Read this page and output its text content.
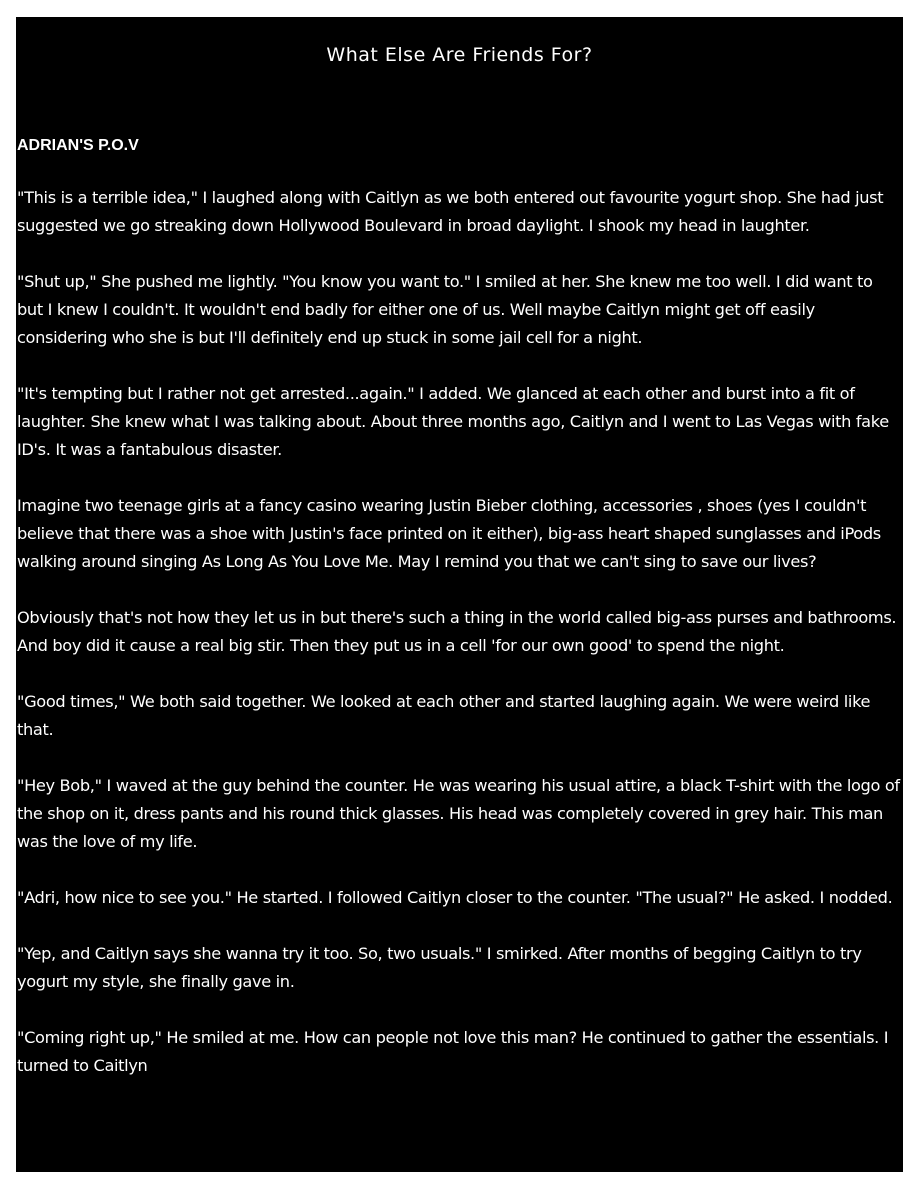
What Else Are Friends For?
ADRIAN'S P.O.V

"This is a terrible idea," I laughed along with Caitlyn as we both entered out favourite yogurt shop. She had just suggested we go streaking down Hollywood Boulevard in broad daylight. I shook my head in laughter.

"Shut up," She pushed me lightly. "You know you want to." I smiled at her. She knew me too well. I did want to but I knew I couldn't. It wouldn't end badly for either one of us. Well maybe Caitlyn might get off easily considering who she is but I'll definitely end up stuck in some jail cell for a night.

"It's tempting but I rather not get arrested...again." I added. We glanced at each other and burst into a fit of laughter. She knew what I was talking about. About three months ago, Caitlyn and I went to Las Vegas with fake ID's. It was a fantabulous disaster.

Imagine two teenage girls at a fancy casino wearing Justin Bieber clothing, accessories , shoes (yes I couldn't believe that there was a shoe with Justin's face printed on it either), big-ass heart shaped sunglasses and iPods walking around singing As Long As You Love Me. May I remind you that we can't sing to save our lives?

Obviously that's not how they let us in but there's such a thing in the world called big-ass purses and bathrooms. And boy did it cause a real big stir. Then they put us in a cell 'for our own good' to spend the night.

"Good times," We both said together. We looked at each other and started laughing again. We were weird like that.

"Hey Bob," I waved at the guy behind the counter. He was wearing his usual attire, a black T-shirt with the logo of the shop on it, dress pants and his round thick glasses. His head was completely covered in grey hair. This man was the love of my life.

"Adri, how nice to see you." He started. I followed Caitlyn closer to the counter. "The usual?" He asked. I nodded.

"Yep, and Caitlyn says she wanna try it too. So, two usuals." I smirked. After months of begging Caitlyn to try yogurt my style, she finally gave in.

"Coming right up," He smiled at me. How can people not love this man? He continued to gather the essentials. I turned to Caitlyn
